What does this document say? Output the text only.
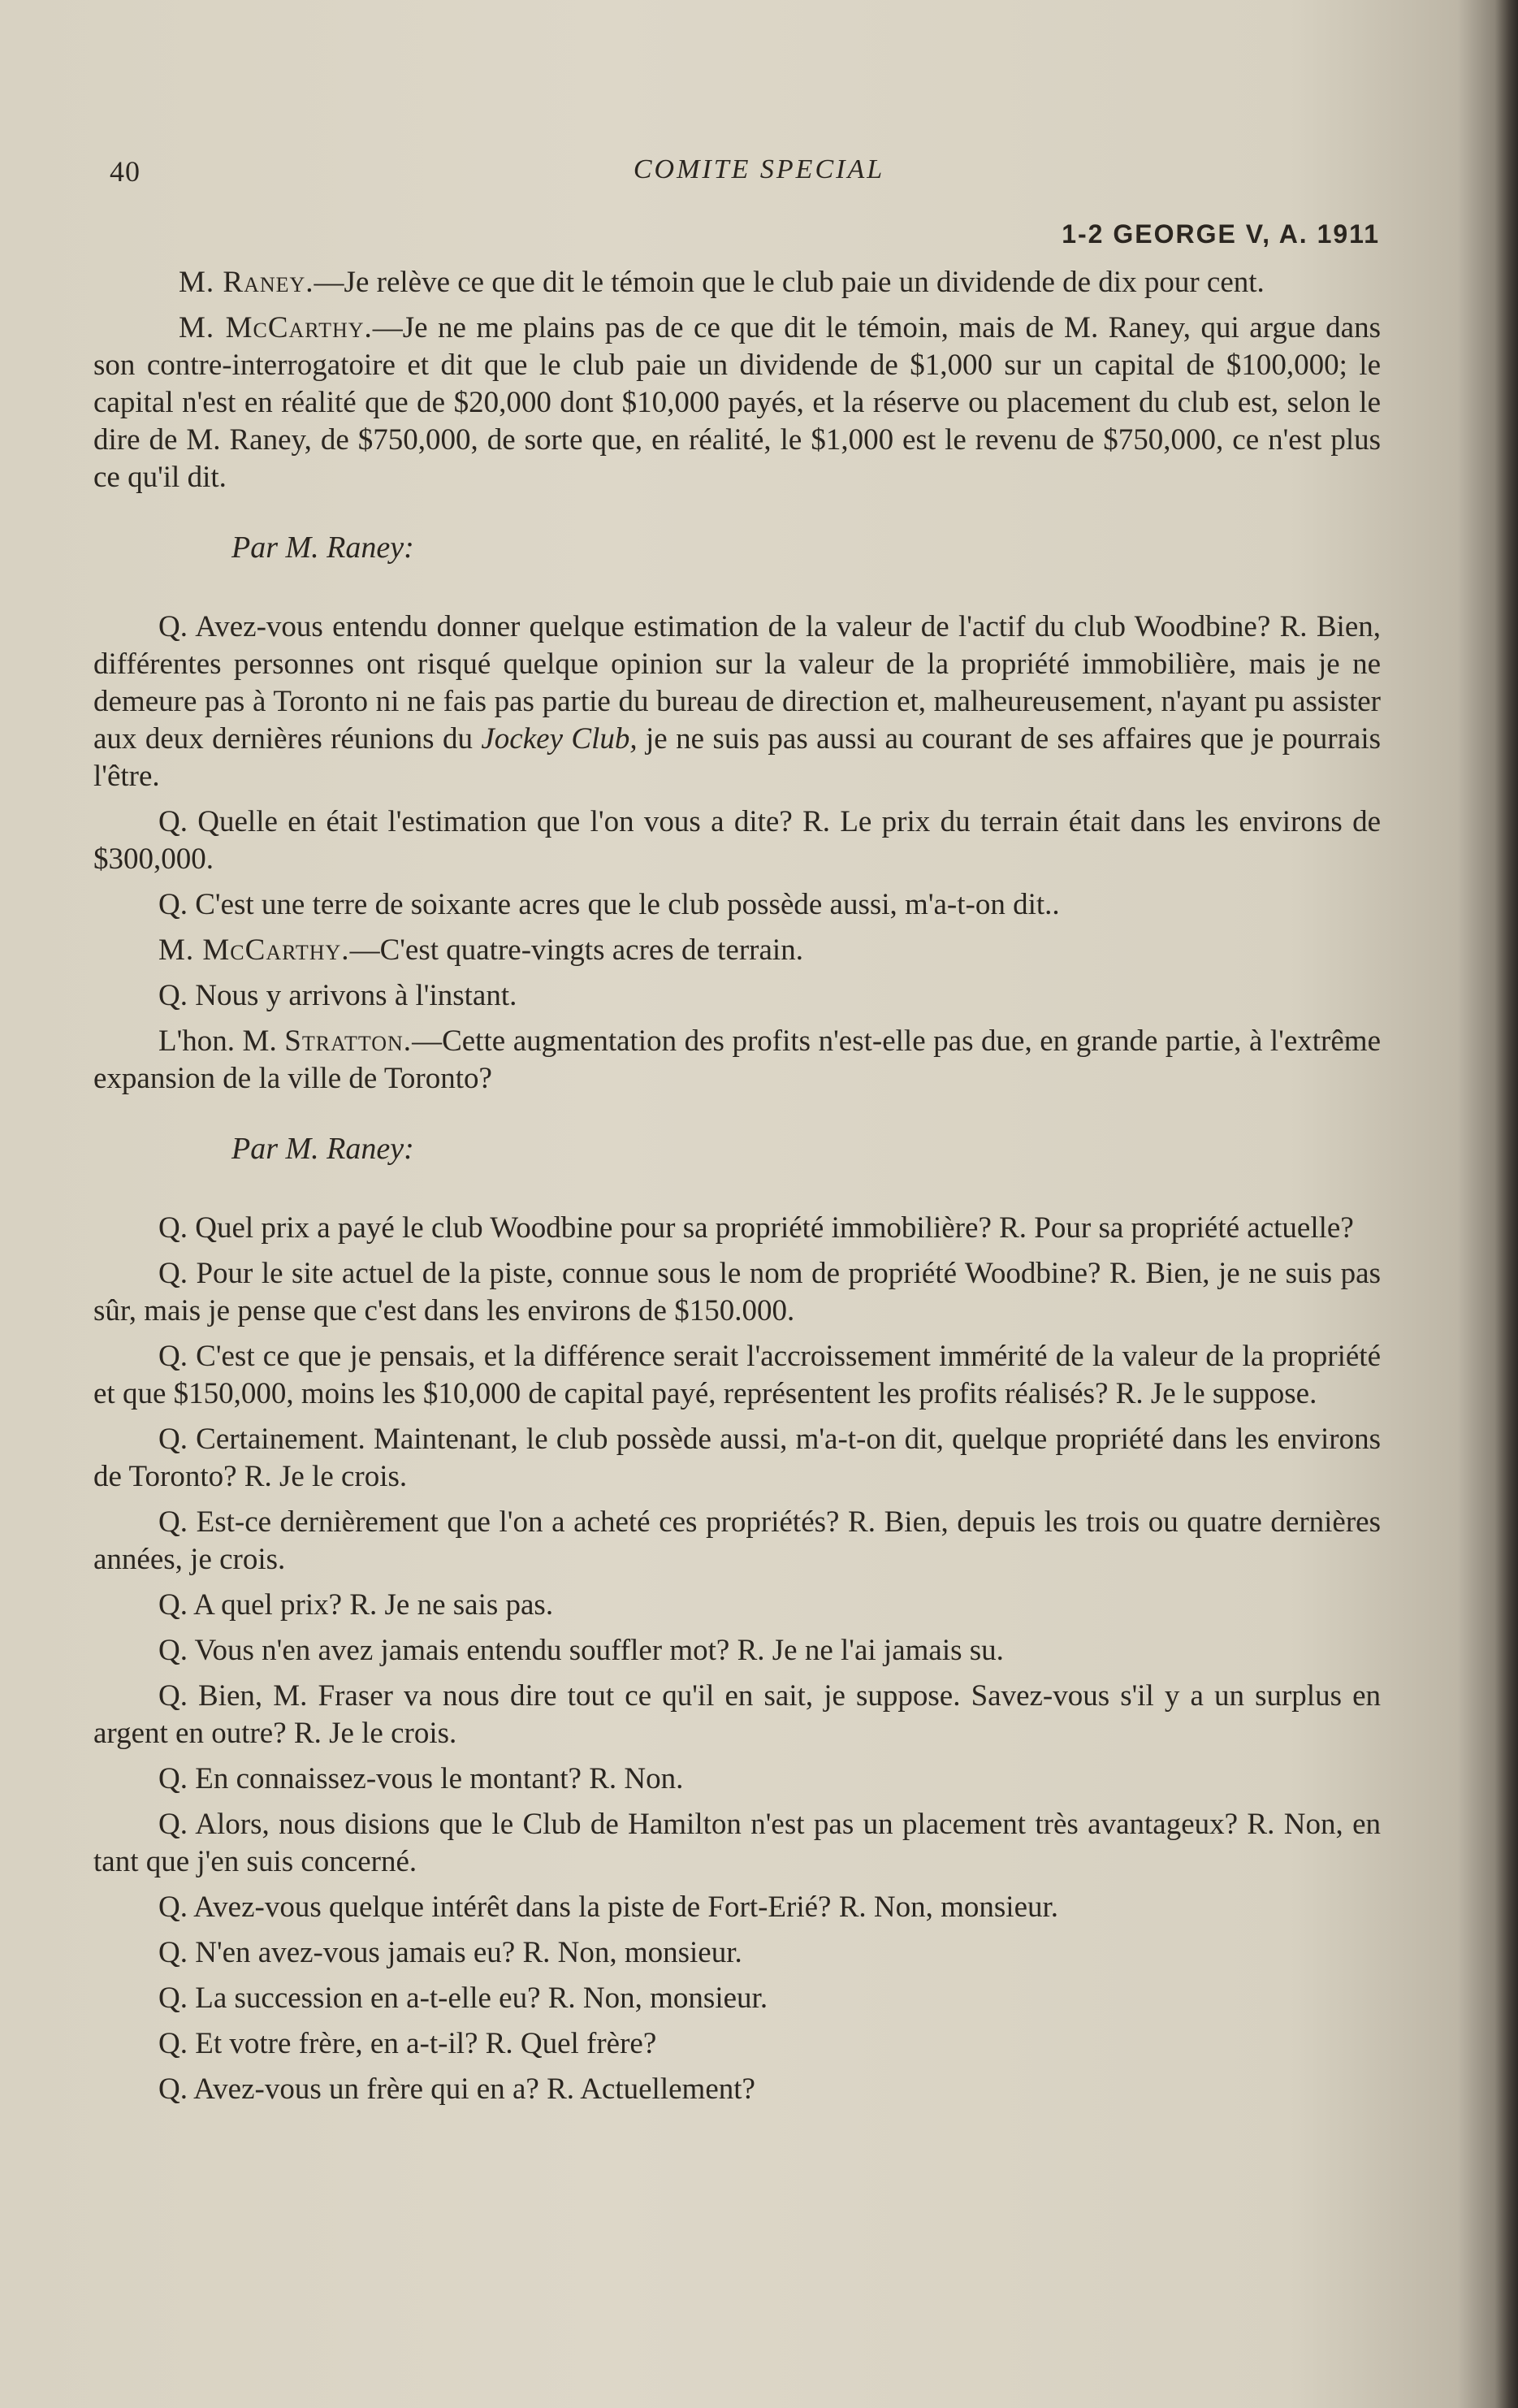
40	COMITE SPECIAL
1-2 GEORGE V, A. 1911

M. Raney.—Je relève ce que dit le témoin que le club paie un dividende de dix pour cent.

M. McCarthy.—Je ne me plains pas de ce que dit le témoin, mais de M. Raney, qui argue dans son contre-interrogatoire et dit que le club paie un dividende de $1,000 sur un capital de $100,000; le capital n'est en réalité que de $20,000 dont $10,000 payés, et la réserve ou placement du club est, selon le dire de M. Raney, de $750,000, de sorte que, en réalité, le $1,000 est le revenu de $750,000, ce n'est plus ce qu'il dit.

Par M. Raney:

Q. Avez-vous entendu donner quelque estimation de la valeur de l'actif du club Woodbine? R. Bien, différentes personnes ont risqué quelque opinion sur la valeur de la propriété immobilière, mais je ne demeure pas à Toronto ni ne fais pas partie du bureau de direction et, malheureusement, n'ayant pu assister aux deux dernières réunions du Jockey Club, je ne suis pas aussi au courant de ses affaires que je pourrais l'être.

Q. Quelle en était l'estimation que l'on vous a dite? R. Le prix du terrain était dans les environs de $300,000.

Q. C'est une terre de soixante acres que le club possède aussi, m'a-t-on dit..

M. McCarthy.—C'est quatre-vingts acres de terrain.

Q. Nous y arrivons à l'instant.

L'hon. M. Stratton.—Cette augmentation des profits n'est-elle pas due, en grande partie, à l'extrême expansion de la ville de Toronto?

Par M. Raney:

Q. Quel prix a payé le club Woodbine pour sa propriété immobilière? R. Pour sa propriété actuelle?

Q. Pour le site actuel de la piste, connue sous le nom de propriété Woodbine? R. Bien, je ne suis pas sûr, mais je pense que c'est dans les environs de $150.000.

Q. C'est ce que je pensais, et la différence serait l'accroissement immérité de la valeur de la propriété et que $150,000, moins les $10,000 de capital payé, représentent les profits réalisés? R. Je le suppose.

Q. Certainement. Maintenant, le club possède aussi, m'a-t-on dit, quelque propriété dans les environs de Toronto? R. Je le crois.

Q. Est-ce dernièrement que l'on a acheté ces propriétés? R. Bien, depuis les trois ou quatre dernières années, je crois.

Q. A quel prix? R. Je ne sais pas.

Q. Vous n'en avez jamais entendu souffler mot? R. Je ne l'ai jamais su.

Q. Bien, M. Fraser va nous dire tout ce qu'il en sait, je suppose. Savez-vous s'il y a un surplus en argent en outre? R. Je le crois.

Q. En connaissez-vous le montant? R. Non.

Q. Alors, nous disions que le Club de Hamilton n'est pas un placement très avantageux? R. Non, en tant que j'en suis concerné.

Q. Avez-vous quelque intérêt dans la piste de Fort-Erié? R. Non, monsieur.

Q. N'en avez-vous jamais eu? R. Non, monsieur.

Q. La succession en a-t-elle eu? R. Non, monsieur.

Q. Et votre frère, en a-t-il? R. Quel frère?

Q. Avez-vous un frère qui en a? R. Actuellement?
